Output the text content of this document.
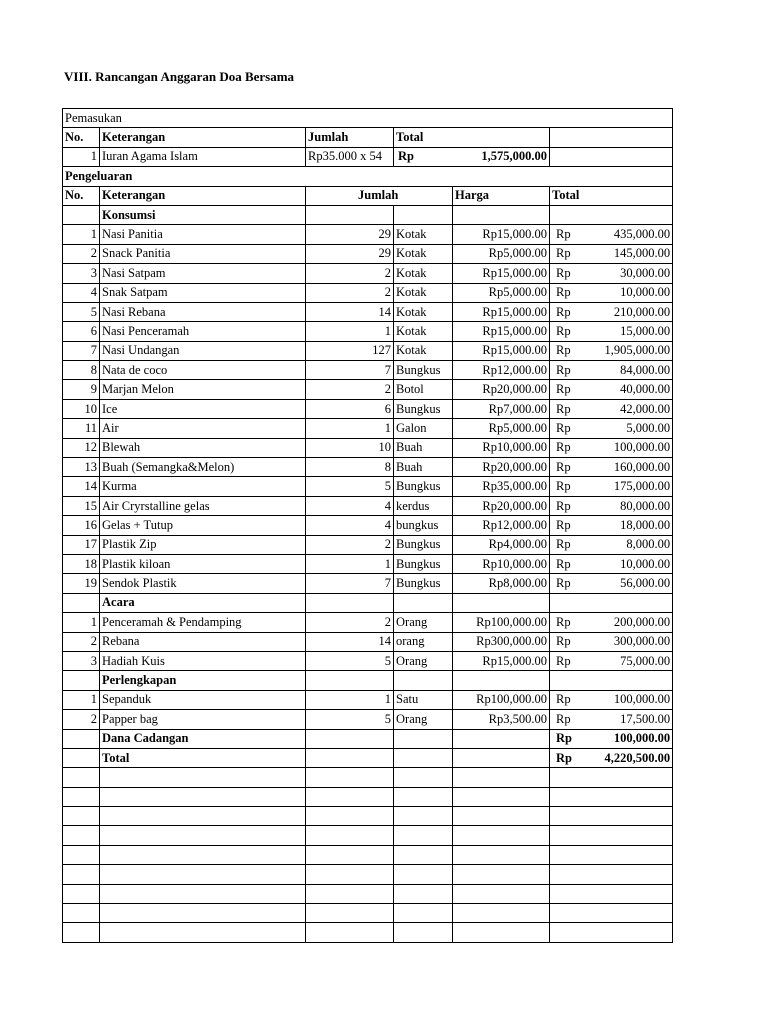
VIII. Rancangan Anggaran Doa Bersama
Pemasukan					
No.	Keterangan	Jumlah	Total		
1	Iuran Agama Islam	Rp35.000 x 54	Rp 1,575,000.00		

Pengeluaran					
No.	Keterangan	Jumlah		Harga	Total
	Konsumsi				
1	Nasi Panitia	29	Kotak	Rp15,000.00	Rp 435,000.00

2	Snack Panitia	29	Kotak	Rp5,000.00	Rp 145,000.00

3	Nasi Satpam	2	Kotak	Rp15,000.00	Rp 30,000.00

4	Snak Satpam	2	Kotak	Rp5,000.00	Rp 10,000.00

5	Nasi Rebana	14	Kotak	Rp15,000.00	Rp 210,000.00

6	Nasi Penceramah	1	Kotak	Rp15,000.00	Rp 15,000.00

7	Nasi Undangan	127	Kotak	Rp15,000.00	Rp 1,905,000.00

8	Nata de coco	7	Bungkus	Rp12,000.00	Rp 84,000.00

9	Marjan Melon	2	Botol	Rp20,000.00	Rp 40,000.00

10	Ice	6	Bungkus	Rp7,000.00	Rp 42,000.00

11	Air	1	Galon	Rp5,000.00	Rp 5,000.00

12	Blewah	10	Buah	Rp10,000.00	Rp 100,000.00

13	Buah (Semangka&Melon)	8	Buah	Rp20,000.00	Rp 160,000.00

14	Kurma	5	Bungkus	Rp35,000.00	Rp 175,000.00

15	Air Cryrstalline gelas	4	kerdus	Rp20,000.00	Rp 80,000.00

16	Gelas + Tutup	4	bungkus	Rp12,000.00	Rp 18,000.00

17	Plastik Zip	2	Bungkus	Rp4,000.00	Rp 8,000.00

18	Plastik kiloan	1	Bungkus	Rp10,000.00	Rp 10,000.00

19	Sendok Plastik	7	Bungkus	Rp8,000.00	Rp 56,000.00

	Acara				
1	Penceramah & Pendamping	2	Orang	Rp100,000.00	Rp 200,000.00

2	Rebana	14	orang	Rp300,000.00	Rp 300,000.00

3	Hadiah Kuis	5	Orang	Rp15,000.00	Rp 75,000.00

	Perlengkapan				
1	Sepanduk	1	Satu	Rp100,000.00	Rp 100,000.00

2	Papper bag	5	Orang	Rp3,500.00	Rp 17,500.00

	Dana Cadangan				Rp 100,000.00

	Total				Rp 4,220,500.00
